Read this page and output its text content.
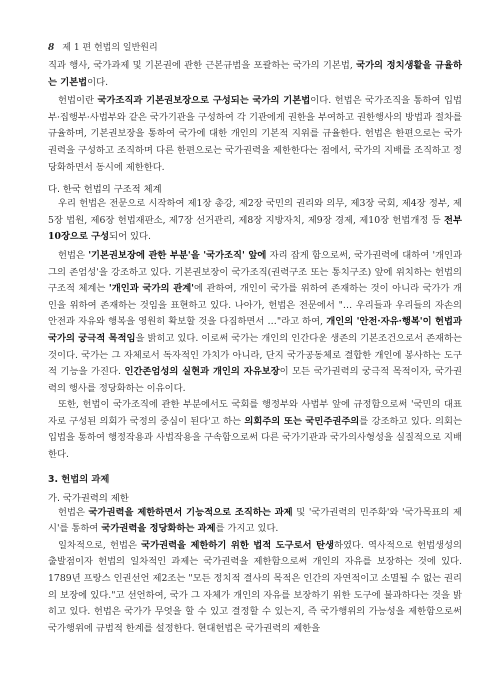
8 제 1 편 헌법의 일반원리

직과 행사, 국가과제 및 기본권에 관한 근본규범을 포괄하는 국가의 기본법, 국가의 정치생활을 규율하는 기본법이다.

헌법이란 국가조직과 기본권보장으로 구성되는 국가의 기본법이다. 헌법은 국가조직을 통하여 입법부·집행부·사법부와 같은 국가기관을 구성하여 각 기관에게 권한을 부여하고 권한행사의 방법과 절차를 규율하며, 기본권보장을 통하여 국가에 대한 개인의 기본적 지위를 규율한다. 헌법은 한편으로는 국가권력을 구성하고 조직하며 다른 한편으로는 국가권력을 제한한다는 점에서, 국가의 지배를 조직하고 정당화하면서 동시에 제한한다.

다. 한국 헌법의 구조적 체계

우리 헌법은 전문으로 시작하여 제1장 총강, 제2장 국민의 권리와 의무, 제3장 국회, 제4장 정부, 제5장 법원, 제6장 헌법재판소, 제7장 선거관리, 제8장 지방자치, 제9장 경제, 제10장 헌법개정 등 전부 10장으로 구성되어 있다.

헌법은 '기본권보장에 관한 부분'을 '국가조직' 앞에 자리 잡게 함으로써, 국가권력에 대하여 '개인과 그의 존엄성'을 강조하고 있다. 기본권보장이 국가조직(권력구조 또는 통치구조) 앞에 위치하는 헌법의 구조적 체계는 '개인과 국가의 관계'에 관하여, 개인이 국가를 위하여 존재하는 것이 아니라 국가가 개인을 위하여 존재하는 것임을 표현하고 있다. 나아가, 헌법은 전문에서 "… 우리들과 우리들의 자손의 안전과 자유와 행복을 영원히 확보할 것을 다짐하면서 …"라고 하여, 개인의 '안전·자유·행복'이 헌법과 국가의 궁극적 목적임을 밝히고 있다. 이로써 국가는 개인의 인간다운 생존의 기본조건으로서 존재하는 것이다. 국가는 그 자체로서 독자적인 가치가 아니라, 단지 국가공동체로 결합한 개인에 봉사하는 도구적 기능을 가진다. 인간존엄성의 실현과 개인의 자유보장이 모든 국가권력의 궁극적 목적이자, 국가권력의 행사를 정당화하는 이유이다.

또한, 헌법이 국가조직에 관한 부분에서도 국회를 행정부와 사법부 앞에 규정함으로써 '국민의 대표자로 구성된 의회가 국정의 중심이 된다'고 하는 의회주의 또는 국민주권주의를 강조하고 있다. 의회는 입법을 통하여 행정작용과 사법작용을 구속함으로써 다른 국가기관과 국가의사형성을 실질적으로 지배한다.

3. 헌법의 과제
가. 국가권력의 제한

헌법은 국가권력을 제한하면서 기능적으로 조직하는 과제 및 '국가권력의 민주화'와 '국가목표의 제시'를 통하여 국가권력을 정당화하는 과제를 가지고 있다.

일차적으로, 헌법은 국가권력을 제한하기 위한 법적 도구로서 탄생하였다. 역사적으로 헌법생성의 출발점이자 헌법의 일차적인 과제는 국가권력을 제한함으로써 개인의 자유를 보장하는 것에 있다. 1789년 프랑스 인권선언 제2조는 "모든 정치적 결사의 목적은 인간의 자연적이고 소멸될 수 없는 권리의 보장에 있다."고 선언하여, 국가 그 자체가 개인의 자유를 보장하기 위한 도구에 불과하다는 것을 밝히고 있다. 헌법은 국가가 무엇을 할 수 있고 결정할 수 있는지, 즉 국가행위의 가능성을 제한함으로써 국가행위에 규범적 한계를 설정한다. 현대헌법은 국가권력의 제한을
